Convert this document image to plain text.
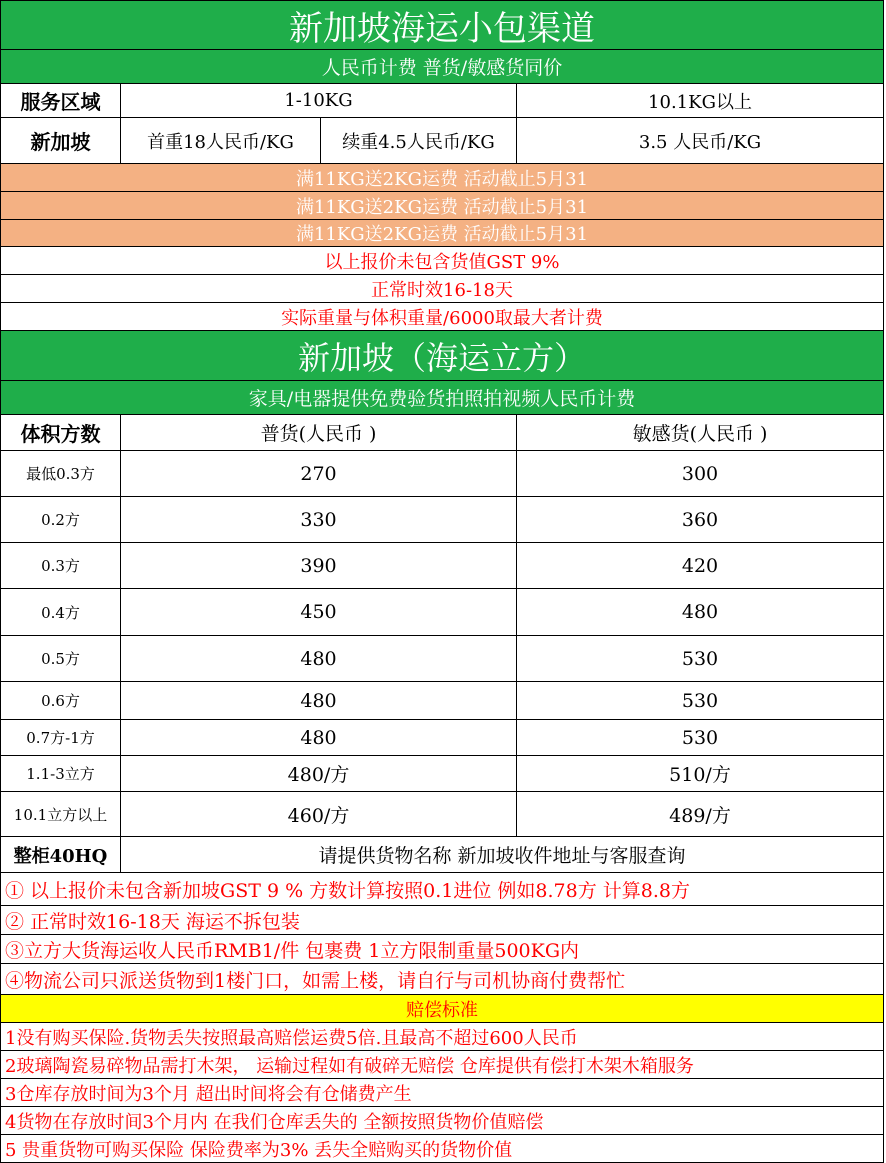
新加坡海运小包渠道
人民币计费 普货/敏感货同价
服务区域	1-10KG	10.1KG以上
新加坡	首重18人民币/KG	续重4.5人民币/KG	3.5 人民币/KG
满11KG送2KG运费 活动截止5月31
满11KG送2KG运费 活动截止5月31
满11KG送2KG运费 活动截止5月31
以上报价未包含货值GST 9%
正常时效16-18天
实际重量与体积重量/6000取最大者计费
新加坡（海运立方）
家具/电器提供免费验货拍照拍视频人民币计费
体积方数	普货(人民币 )	敏感货(人民币 )
最低0.3方	270	300
0.2方	330	360
0.3方	390	420
0.4方	450	480
0.5方	480	530
0.6方	480	530
0.7方-1方	480	530
1.1-3立方	480/方	510/方
10.1立方以上	460/方	489/方
整柜40HQ	请提供货物名称 新加坡收件地址与客服查询
① 以上报价未包含新加坡GST 9 % 方数计算按照0.1进位 例如8.78方 计算8.8方
② 正常时效16-18天 海运不拆包装
③立方大货海运收人民币RMB1/件 包裹费 1立方限制重量500KG内
④物流公司只派送货物到1楼门口，如需上楼，请自行与司机协商付费帮忙
赔偿标准
1没有购买保险.货物丢失按照最高赔偿运费5倍.且最高不超过600人民币
2玻璃陶瓷易碎物品需打木架， 运输过程如有破碎无赔偿 仓库提供有偿打木架木箱服务
3仓库存放时间为3个月 超出时间将会有仓储费产生
4货物在存放时间3个月内 在我们仓库丢失的 全额按照货物价值赔偿
5 贵重货物可购买保险 保险费率为3% 丢失全赔购买的货物价值
